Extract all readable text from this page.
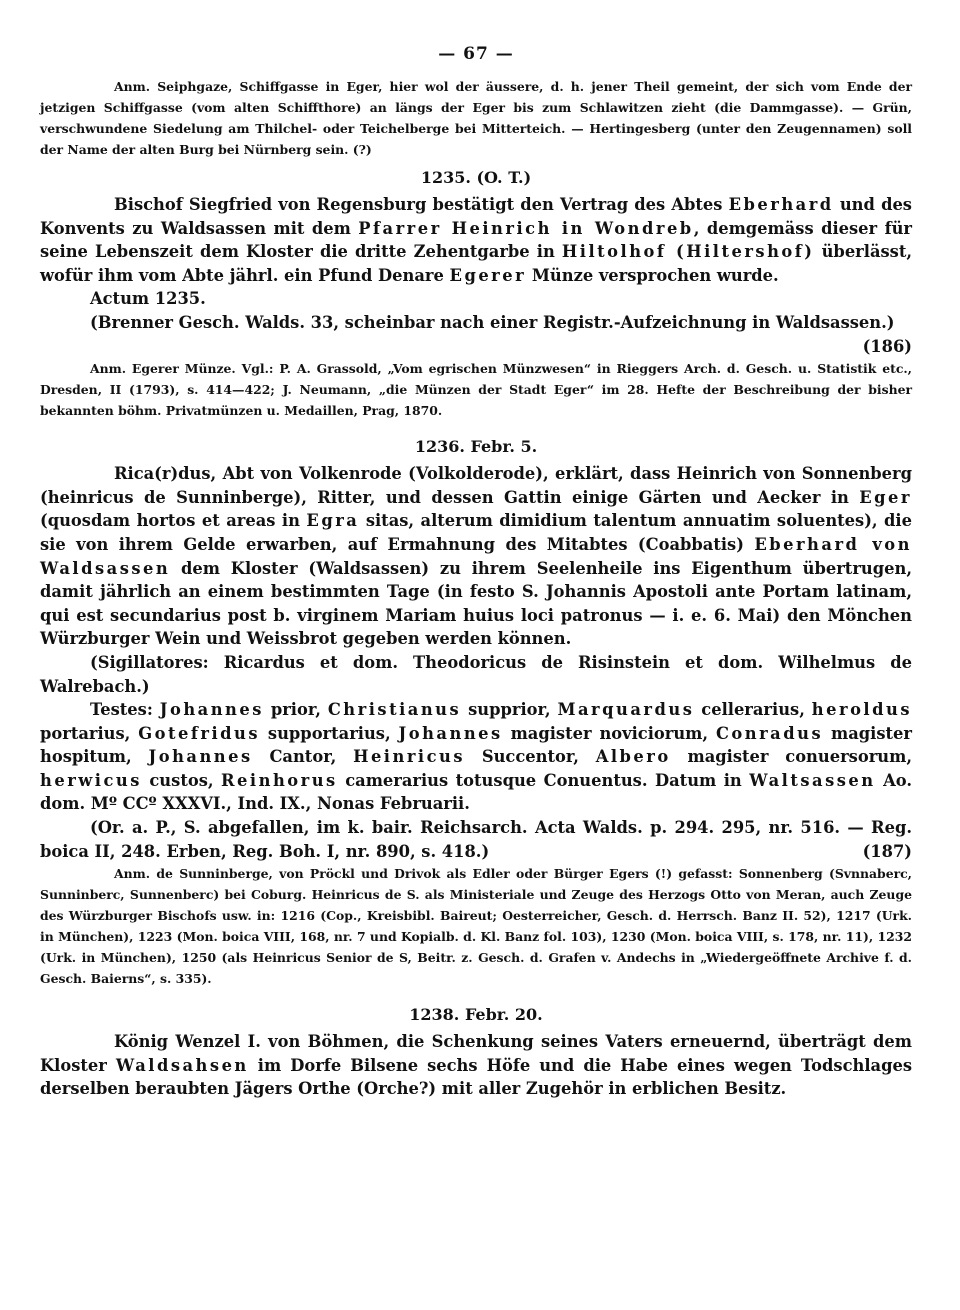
— 67 —

Anm. Seiphgaze, Schiffgasse in Eger, hier wol der äussere, d. h. jener Theil gemeint, der sich vom Ende der jetzigen Schiffgasse (vom alten Schiffthore) an längs der Eger bis zum Schlawitzen zieht (die Dammgasse). — Grün, verschwundene Siedelung am Thilchel- oder Teichelberge bei Mitterteich. — Hertingesberg (unter den Zeugennamen) soll der Name der alten Burg bei Nürnberg sein. (?)

1235. (O. T.)

Bischof Siegfried von Regensburg bestätigt den Vertrag des Abtes Eberhard und des Konvents zu Waldsassen mit dem Pfarrer Heinrich in Wondreb, demgemäss dieser für seine Lebenszeit dem Kloster die dritte Zehentgarbe in Hiltolhof (Hiltershof) überlässt, wofür ihm vom Abte jährl. ein Pfund Denare Egerer Münze versprochen wurde.

Actum 1235.

(Brenner Gesch. Walds. 33, scheinbar nach einer Registr.-Aufzeichnung in Waldsassen.)

(186)

Anm. Egerer Münze. Vgl.: P. A. Grassold, „Vom egrischen Münzwesen“ in Rieggers Arch. d. Gesch. u. Statistik etc., Dresden, II (1793), s. 414—422; J. Neumann, „die Münzen der Stadt Eger“ im 28. Hefte der Beschreibung der bisher bekannten böhm. Privatmünzen u. Medaillen, Prag, 1870.

1236. Febr. 5.

Rica(r)dus, Abt von Volkenrode (Volkolderode), erklärt, dass Heinrich von Sonnenberg (heinricus de Sunninberge), Ritter, und dessen Gattin einige Gärten und Aecker in Eger (quosdam hortos et areas in Egra sitas, alterum dimidium talentum annuatim soluentes), die sie von ihrem Gelde erwarben, auf Ermahnung des Mitabtes (Coabbatis) Eberhard von Waldsassen dem Kloster (Waldsassen) zu ihrem Seelenheile ins Eigenthum übertrugen, damit jährlich an einem bestimmten Tage (in festo S. Johannis Apostoli ante Portam latinam, qui est secundarius post b. virginem Mariam huius loci patronus — i. e. 6. Mai) den Mönchen Würzburger Wein und Weissbrot gegeben werden können.

(Sigillatores: Ricardus et dom. Theodoricus de Risinstein et dom. Wilhelmus de Walrebach.)

Testes: Johannes prior, Christianus supprior, Marquardus cellerarius, heroldus portarius, Gotefridus supportarius, Johannes magister noviciorum, Conradus magister hospitum, Johannes Cantor, Heinricus Succentor, Albero magister conuersorum, herwicus custos, Reinhorus camerarius totusque Conuentus. Datum in Waltsassen Ao. dom. Mº CCº XXXVI., Ind. IX., Nonas Februarii.

(Or. a. P., S. abgefallen, im k. bair. Reichsarch. Acta Walds. p. 294. 295, nr. 516. — Reg. boica II, 248. Erben, Reg. Boh. I, nr. 890, s. 418.)	(187)

Anm. de Sunninberge, von Pröckl und Drivok als Edler oder Bürger Egers (!) gefasst: Sonnenberg (Svnnaberc, Sunninberc, Sunnenberc) bei Coburg. Heinricus de S. als Ministeriale und Zeuge des Herzogs Otto von Meran, auch Zeuge des Würzburger Bischofs usw. in: 1216 (Cop., Kreisbibl. Baireut; Oesterreicher, Gesch. d. Herrsch. Banz II. 52), 1217 (Urk. in München), 1223 (Mon. boica VIII, 168, nr. 7 und Kopialb. d. Kl. Banz fol. 103), 1230 (Mon. boica VIII, s. 178, nr. 11), 1232 (Urk. in München), 1250 (als Heinricus Senior de S, Beitr. z. Gesch. d. Grafen v. Andechs in „Wiedergeöffnete Archive f. d. Gesch. Baierns“, s. 335).

1238. Febr. 20.

König Wenzel I. von Böhmen, die Schenkung seines Vaters erneuernd, überträgt dem Kloster Waldsahsen im Dorfe Bilsene sechs Höfe und die Habe eines wegen Todschlages derselben beraubten Jägers Orthe (Orche?) mit aller Zugehör in erblichen Besitz.
